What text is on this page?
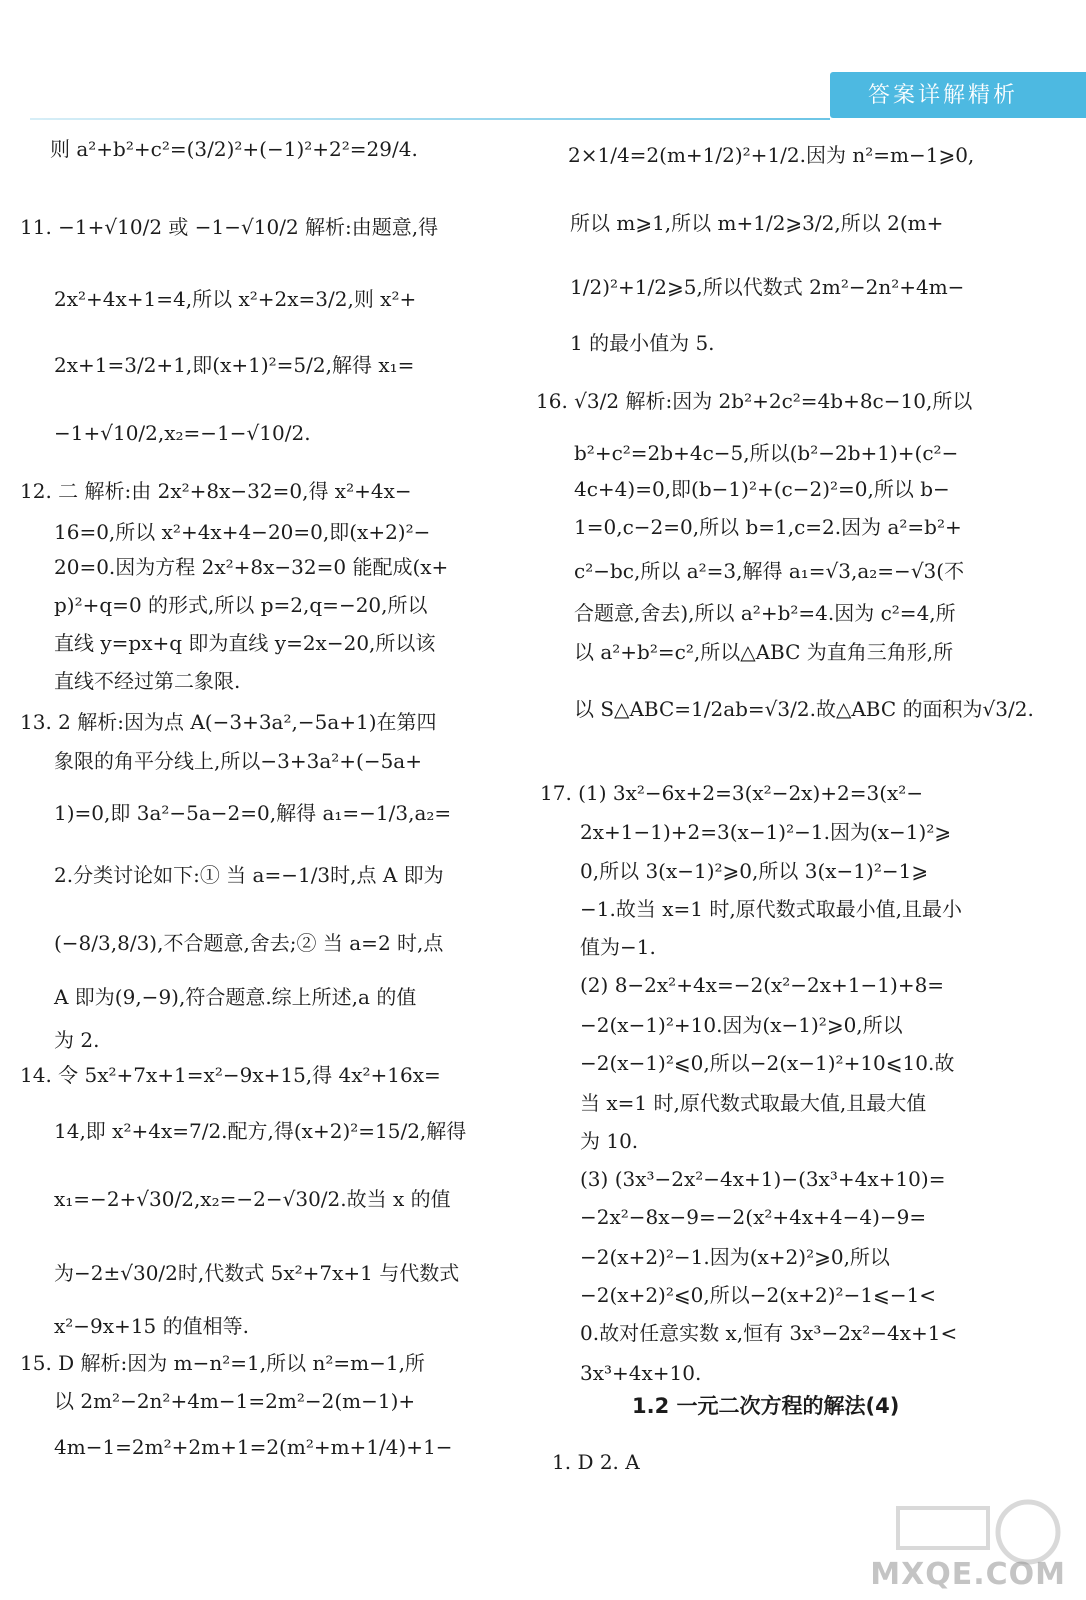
答案详解精析
则 a²+b²+c²=(3/2)²+(−1)²+2²=29/4.
11. −1+√10/2 或 −1−√10/2 解析:由题意,得
2x²+4x+1=4,所以 x²+2x=3/2,则 x²+
2x+1=3/2+1,即(x+1)²=5/2,解得 x₁=
−1+√10/2,x₂=−1−√10/2.
12. 二 解析:由 2x²+8x−32=0,得 x²+4x−
16=0,所以 x²+4x+4−20=0,即(x+2)²−
20=0.因为方程 2x²+8x−32=0 能配成(x+
p)²+q=0 的形式,所以 p=2,q=−20,所以
直线 y=px+q 即为直线 y=2x−20,所以该
直线不经过第二象限.
13. 2 解析:因为点 A(−3+3a²,−5a+1)在第四
象限的角平分线上,所以−3+3a²+(−5a+
1)=0,即 3a²−5a−2=0,解得 a₁=−1/3,a₂=
2.分类讨论如下:① 当 a=−1/3时,点 A 即为
(−8/3,8/3),不合题意,舍去;② 当 a=2 时,点
A 即为(9,−9),符合题意.综上所述,a 的值
为 2.
14. 令 5x²+7x+1=x²−9x+15,得 4x²+16x=
14,即 x²+4x=7/2.配方,得(x+2)²=15/2,解得
x₁=−2+√30/2,x₂=−2−√30/2.故当 x 的值
为−2±√30/2时,代数式 5x²+7x+1 与代数式
x²−9x+15 的值相等.
15. D 解析:因为 m−n²=1,所以 n²=m−1,所
以 2m²−2n²+4m−1=2m²−2(m−1)+
4m−1=2m²+2m+1=2(m²+m+1/4)+1−
2×1/4=2(m+1/2)²+1/2.因为 n²=m−1⩾0,
所以 m⩾1,所以 m+1/2⩾3/2,所以 2(m+
1/2)²+1/2⩾5,所以代数式 2m²−2n²+4m−
1 的最小值为 5.
16. √3/2 解析:因为 2b²+2c²=4b+8c−10,所以
b²+c²=2b+4c−5,所以(b²−2b+1)+(c²−
4c+4)=0,即(b−1)²+(c−2)²=0,所以 b−
1=0,c−2=0,所以 b=1,c=2.因为 a²=b²+
c²−bc,所以 a²=3,解得 a₁=√3,a₂=−√3(不
合题意,舍去),所以 a²+b²=4.因为 c²=4,所
以 a²+b²=c²,所以△ABC 为直角三角形,所
以 S△ABC=1/2ab=√3/2.故△ABC 的面积为√3/2.
17. (1) 3x²−6x+2=3(x²−2x)+2=3(x²−
2x+1−1)+2=3(x−1)²−1.因为(x−1)²⩾
0,所以 3(x−1)²⩾0,所以 3(x−1)²−1⩾
−1.故当 x=1 时,原代数式取最小值,且最小
值为−1.
(2) 8−2x²+4x=−2(x²−2x+1−1)+8=
−2(x−1)²+10.因为(x−1)²⩾0,所以
−2(x−1)²⩽0,所以−2(x−1)²+10⩽10.故
当 x=1 时,原代数式取最大值,且最大值
为 10.
(3) (3x³−2x²−4x+1)−(3x³+4x+10)=
−2x²−8x−9=−2(x²+4x+4−4)−9=
−2(x+2)²−1.因为(x+2)²⩾0,所以
−2(x+2)²⩽0,所以−2(x+2)²−1⩽−1<
0.故对任意实数 x,恒有 3x³−2x²−4x+1<
3x³+4x+10.
1.2 一元二次方程的解法(4)
1. D 2. A
MXQE.COM
